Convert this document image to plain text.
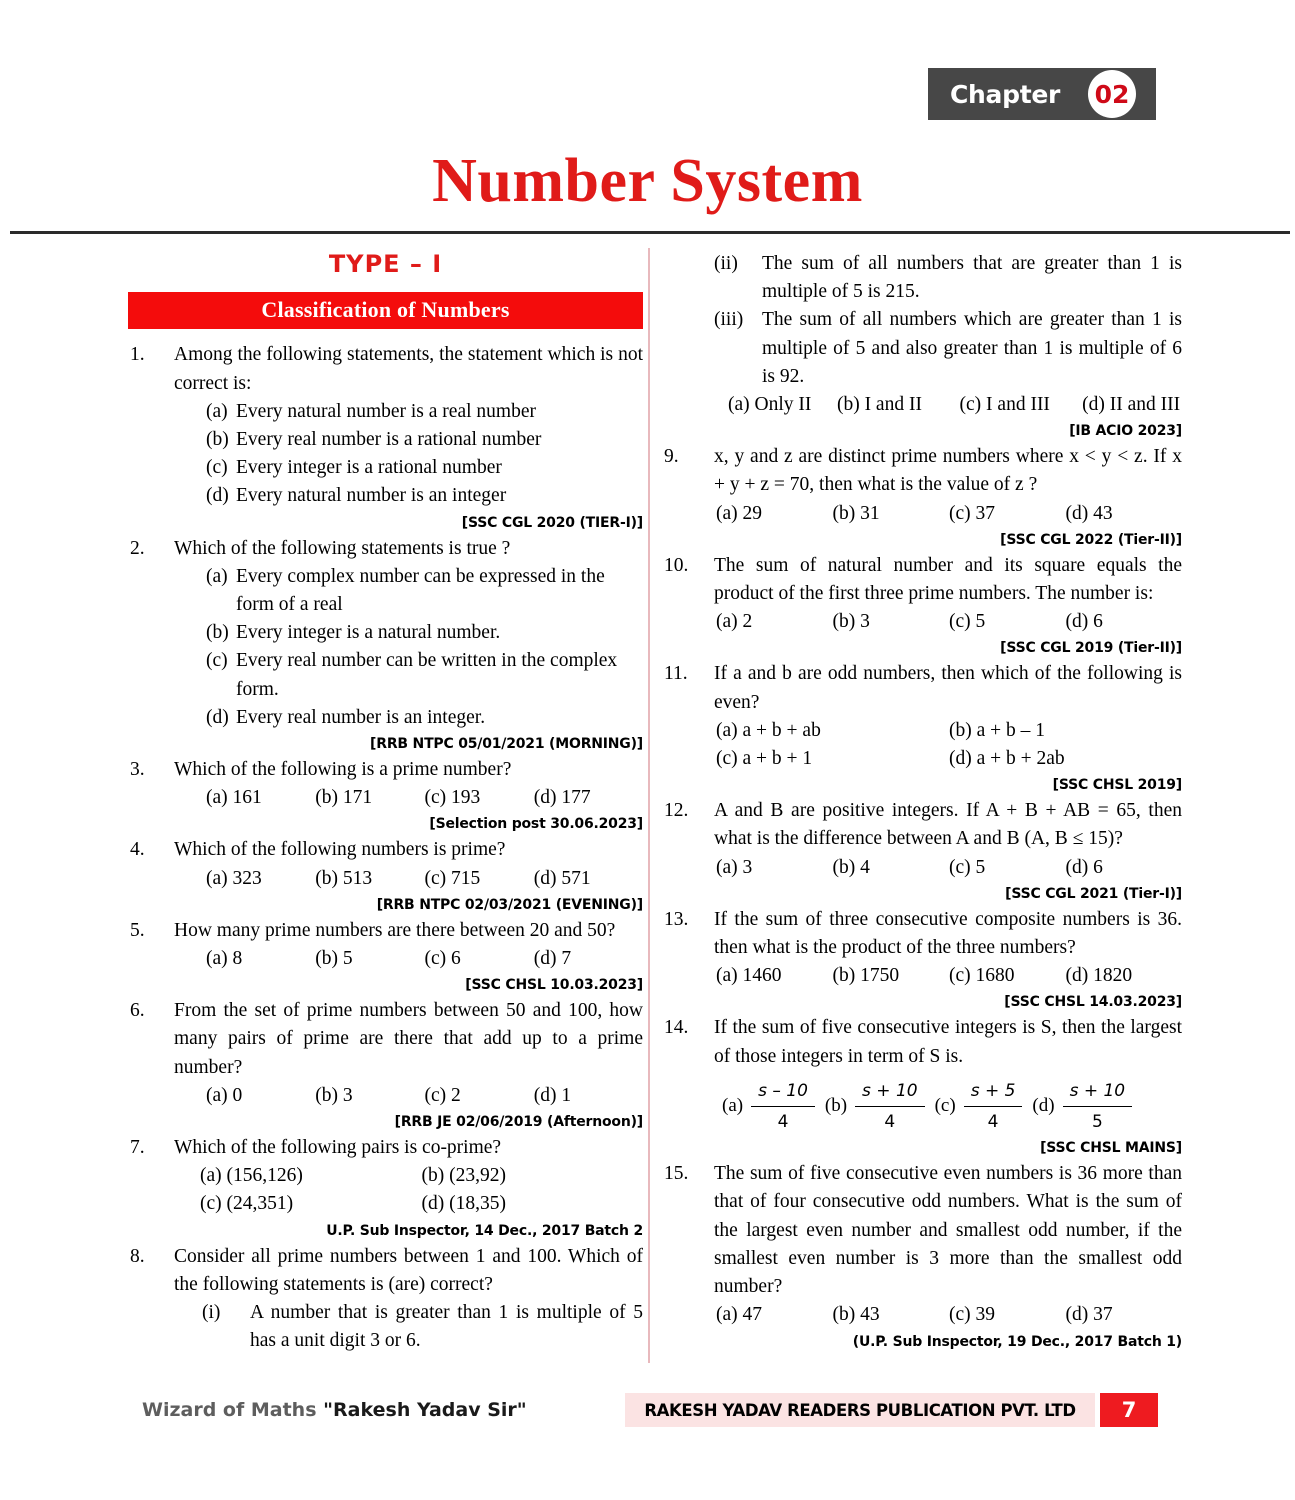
Chapter 02
Number System
TYPE – I
Classification of Numbers
1.	Among the following statements, the statement which is not correct is:
(a) Every natural number is a real number
(b) Every real number is a rational number
(c) Every integer is a rational number
(d) Every natural number is an integer
[SSC CGL 2020 (TIER-I)]
2.	Which of the following statements is true ?
(a) Every complex number can be expressed in the form of a real
(b) Every integer is a natural number.
(c) Every real number can be written in the complex form.
(d) Every real number is an integer.
[RRB NTPC 05/01/2021 (MORNING)]
3.	Which of the following is a prime number?
(a) 161	(b) 171	(c) 193	(d) 177
[Selection post 30.06.2023]
4.	Which of the following numbers is prime?
(a) 323	(b) 513	(c) 715	(d) 571
[RRB NTPC 02/03/2021 (EVENING)]
5.	How many prime numbers are there between 20 and 50?
(a) 8	(b) 5	(c) 6	(d) 7
[SSC CHSL 10.03.2023]
6.	From the set of prime numbers between 50 and 100, how many pairs of prime are there that add up to a prime number?
(a) 0	(b) 3	(c) 2	(d) 1
[RRB JE 02/06/2019 (Afternoon)]
7.	Which of the following pairs is co-prime?
(a) (156,126)	(b) (23,92)
(c) (24,351)	(d) (18,35)
U.P. Sub Inspector, 14 Dec., 2017 Batch 2
8.	Consider all prime numbers between 1 and 100. Which of the following statements is (are) correct?
(i)	A number that is greater than 1 is multiple of 5 has a unit digit 3 or 6.
(ii)	The sum of all numbers that are greater than 1 is multiple of 5 is 215.
(iii) The sum of all numbers which are greater than 1 is multiple of 5 and also greater than 1 is multiple of 6 is 92.
(a) Only II	(b) I and II	(c) I and III	(d) II and III
[IB ACIO 2023]
9.	x, y and z are distinct prime numbers where x < y < z. If x + y + z = 70, then what is the value of z ?
(a) 29	(b) 31	(c) 37	(d) 43
[SSC CGL 2022 (Tier-II)]
10.	The sum of natural number and its square equals the product of the first three prime numbers. The number is:
(a) 2	(b) 3	(c) 5	(d) 6
[SSC CGL 2019 (Tier-II)]
11.	If a and b are odd numbers, then which of the following is even?
(a) a + b + ab	(b) a + b – 1
(c) a + b + 1	(d) a + b + 2ab
[SSC CHSL 2019]
12.	A and B are positive integers. If A + B + AB = 65, then what is the difference between A and B (A, B ≤ 15)?
(a) 3	(b) 4	(c) 5	(d) 6
[SSC CGL 2021 (Tier-I)]
13.	If the sum of three consecutive composite numbers is 36. then what is the product of the three numbers?
(a) 1460	(b) 1750	(c) 1680	(d) 1820
[SSC CHSL 14.03.2023]
14.	If the sum of five consecutive integers is S, then the largest of those integers in term of S is.
$(a) \frac{s - 10}{4} (b) \frac{s + 10}{4} (c) \frac{s + 5}{4} (d) \frac{s + 10}{5}$
[SSC CHSL MAINS]
15.	The sum of five consecutive even numbers is 36 more than that of four consecutive odd numbers. What is the sum of the largest even number and smallest odd number, if the smallest even number is 3 more than the smallest odd number?
(a) 47	(b) 43	(c) 39	(d) 37
(U.P. Sub Inspector, 19 Dec., 2017 Batch 1)
Wizard of Maths "Rakesh Yadav Sir"	RAKESH YADAV READERS PUBLICATION PVT. LTD	7
